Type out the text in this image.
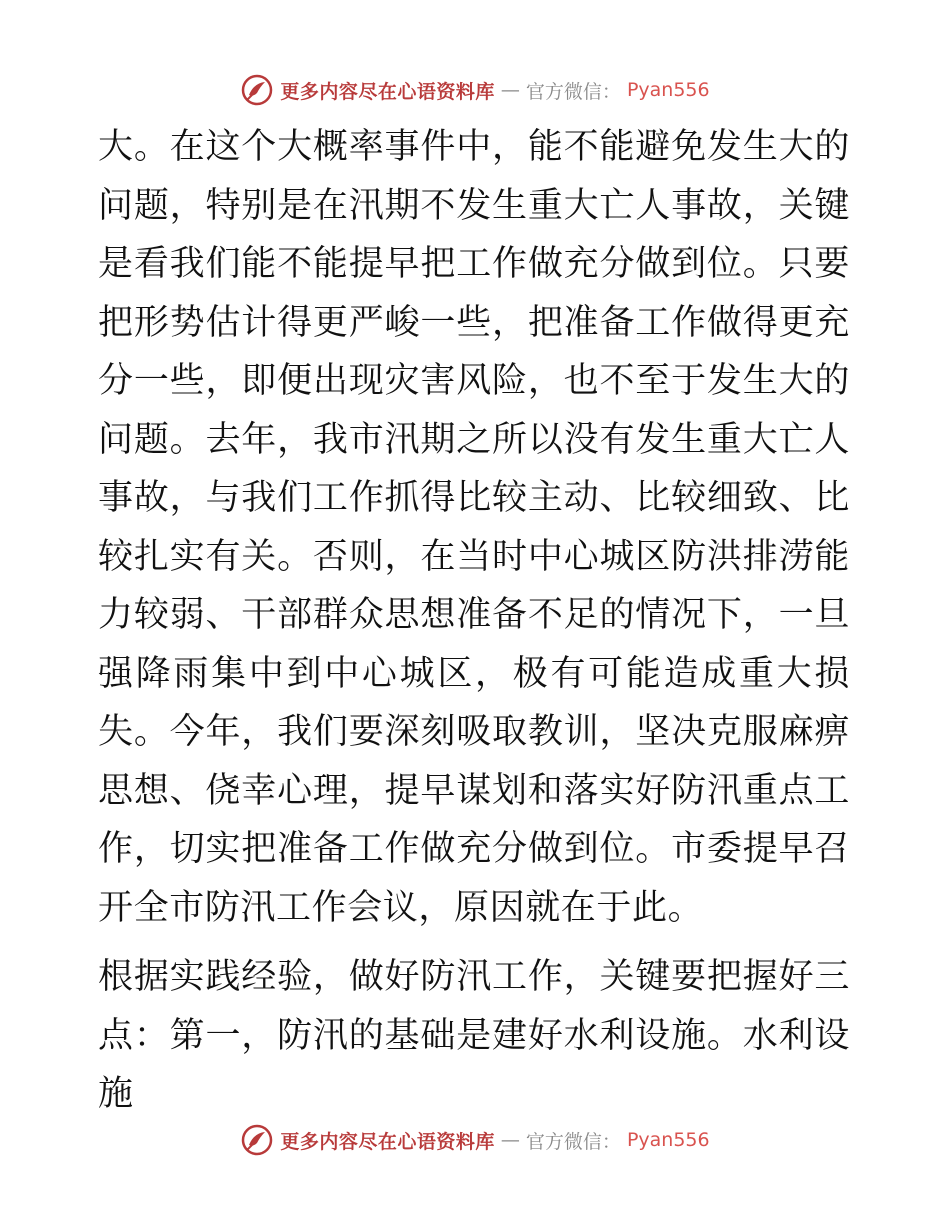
更多内容尽在心语资料库 — 官方微信： Pyan556

大。在这个大概率事件中，能不能避免发生大的问题，特别是在汛期不发生重大亡人事故，关键是看我们能不能提早把工作做充分做到位。只要把形势估计得更严峻一些，把准备工作做得更充分一些，即便出现灾害风险，也不至于发生大的问题。去年，我市汛期之所以没有发生重大亡人事故，与我们工作抓得比较主动、比较细致、比较扎实有关。否则，在当时中心城区防洪排涝能力较弱、干部群众思想准备不足的情况下，一旦强降雨集中到中心城区，极有可能造成重大损失。今年，我们要深刻吸取教训，坚决克服麻痹思想、侥幸心理，提早谋划和落实好防汛重点工作，切实把准备工作做充分做到位。市委提早召开全市防汛工作会议，原因就在于此。

根据实践经验，做好防汛工作，关键要把握好三点：第一，防汛的基础是建好水利设施。水利设施

更多内容尽在心语资料库 — 官方微信： Pyan556
